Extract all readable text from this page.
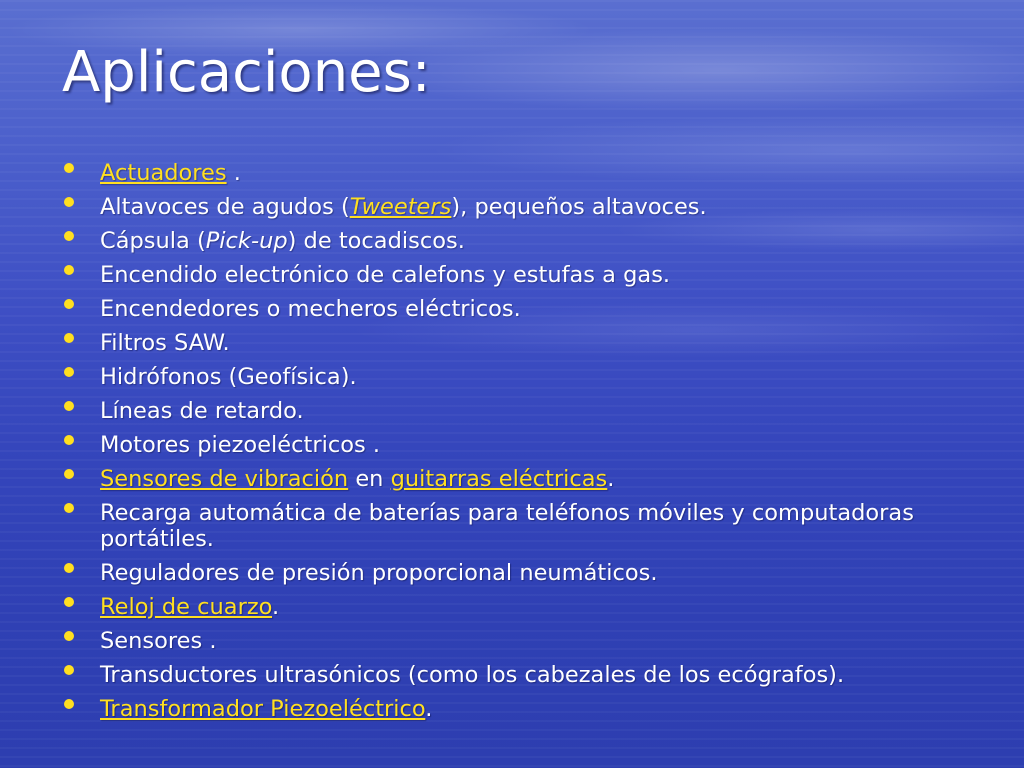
Aplicaciones:
Actuadores .
Altavoces de agudos (Tweeters), pequeños altavoces.
Cápsula (Pick-up) de tocadiscos.
Encendido electrónico de calefons y estufas a gas.
Encendedores o mecheros eléctricos.
Filtros SAW.
Hidrófonos (Geofísica).
Líneas de retardo.
Motores piezoeléctricos .
Sensores de vibración en guitarras eléctricas.
Recarga automática de baterías para teléfonos móviles y computadoras portátiles.
Reguladores de presión proporcional neumáticos.
Reloj de cuarzo.
Sensores .
Transductores ultrasónicos (como los cabezales de los ecógrafos).
Transformador Piezoeléctrico.
